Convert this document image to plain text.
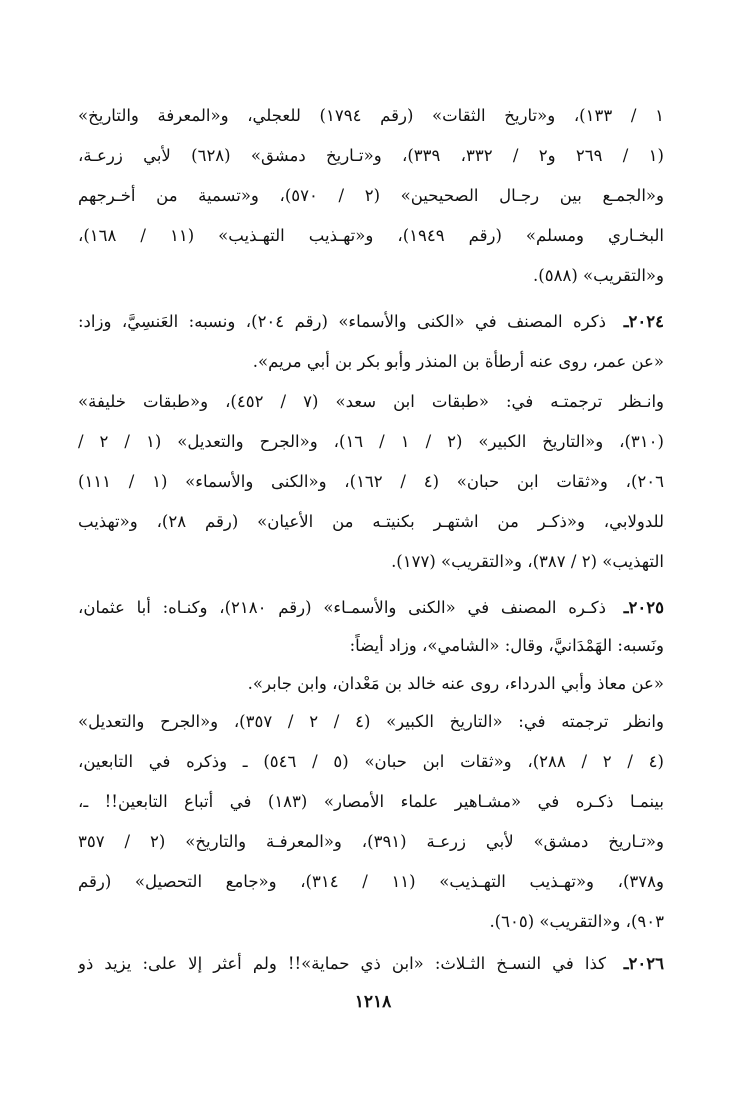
١ / ١٣٣)، و«تاريخ الثقات» (رقم ١٧٩٤) للعجلي، و«المعرفة والتاريخ»
(١ / ٢٦٩ و٢ / ٣٣٢، ٣٣٩)، و«تـاريخ دمشق» (٦٢٨) لأبي زرعـة،
و«الجمـع بين رجـال الصحيحين» (٢ / ٥٧٠)، و«تسمية من أخـرجهم
البخـاري ومسلم» (رقم ١٩٤٩)، و«تهـذيب التهـذيب» (١١ / ١٦٨)،
و«التقريب» (٥٨٨).
٢٠٢٤ـ
ذكره المصنف في «الكنى والأسماء» (رقم ٢٠٤)، ونسبه: العَنسِيَّ، وزاد:
«عن عمر، روى عنه أرطأة بن المنذر وأبو بكر بن أبي مريم».
وانـظر ترجمتـه في: «طبقات ابن سعد» (٧ / ٤٥٢)، و«طبقات خليفة»
(٣١٠)، و«التاريخ الكبير» (٢ / ١ / ١٦)، و«الجرح والتعديل» (١ / ٢ /
٢٠٦)، و«ثقات ابن حبان» (٤ / ١٦٢)، و«الكنى والأسماء» (١ / ١١١)
للدولابي، و«ذكـر من اشتهـر بكنيتـه من الأعيان» (رقم ٢٨)، و«تهذيب
التهذيب» (٢ / ٣٨٧)، و«التقريب» (١٧٧).
٢٠٢٥ـ
ذكـره المصنف في «الكنى والأسمـاء» (رقم ٢١٨٠)، وكنـاه: أبا عثمان،
ونَسبه: الهَمْدَانيَّ، وقال: «الشامي»، وزاد أيضاً:
«عن معاذ وأبي الدرداء، روى عنه خالد بن مَعْدان، وابن جابر».
وانظر ترجمته في: «التاريخ الكبير» (٤ / ٢ / ٣٥٧)، و«الجرح والتعديل»
(٤ / ٢ / ٢٨٨)، و«ثقات ابن حبان» (٥ / ٥٤٦) ـ وذكره في التابعين،
بينمـا ذكـره في «مشـاهير علماء الأمصار» (١٨٣) في أتباع التابعين!! ـ،
و«تـاريخ دمشق» لأبي زرعـة (٣٩١)، و«المعرفـة والتاريخ» (٢ / ٣٥٧
و٣٧٨)، و«تهـذيب التهـذيب» (١١ / ٣١٤)، و«جامع التحصيل» (رقم
٩٠٣)، و«التقريب» (٦٠٥).
٢٠٢٦ـ
كذا في النسـخ الثـلاث: «ابن ذي حماية»!! ولم أعثر إلا على: يزيد ذو
١٢١٨
